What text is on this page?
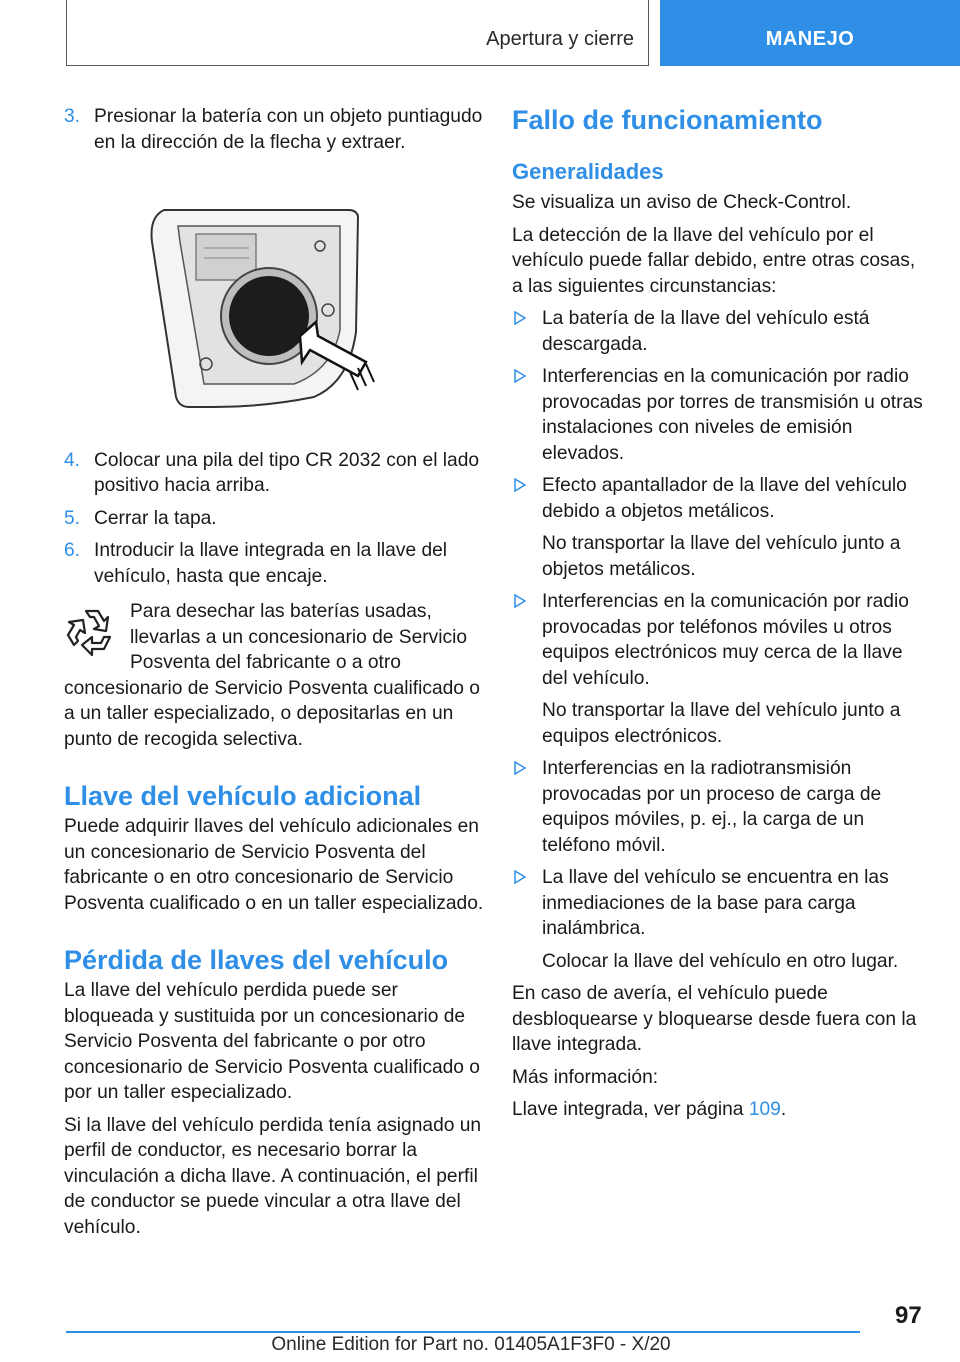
Apertura y cierre	MANEJO
3. Presionar la batería con un objeto puntiagudo en la dirección de la flecha y extraer.
4. Colocar una pila del tipo CR 2032 con el lado positivo hacia arriba.
5. Cerrar la tapa.
6. Introducir la llave integrada en la llave del vehículo, hasta que encaje.

Para desechar las baterías usadas, llevarlas a un concesionario de Servicio Posventa del fabricante o a otro concesionario de Servicio Posventa cualificado o a un taller especializado, o depositarlas en un punto de recogida selectiva.

Llave del vehículo adicional

Puede adquirir llaves del vehículo adicionales en un concesionario de Servicio Posventa del fabricante o en otro concesionario de Servicio Posventa cualificado o en un taller especializado.

Pérdida de llaves del vehículo

La llave del vehículo perdida puede ser bloqueada y sustituida por un concesionario de Servicio Posventa del fabricante o por otro concesionario de Servicio Posventa cualificado o por un taller especializado.

Si la llave del vehículo perdida tenía asignado un perfil de conductor, es necesario borrar la vinculación a dicha llave. A continuación, el perfil de conductor se puede vincular a otra llave del vehículo.

Fallo de funcionamiento
Generalidades

Se visualiza un aviso de Check-Control.

La detección de la llave del vehículo por el vehículo puede fallar debido, entre otras cosas, a las siguientes circunstancias:

La batería de la llave del vehículo está descargada.
Interferencias en la comunicación por radio provocadas por torres de transmisión u otras instalaciones con niveles de emisión elevados.
Efecto apantallador de la llave del vehículo debido a objetos metálicos.
No transportar la llave del vehículo junto a objetos metálicos.
Interferencias en la comunicación por radio provocadas por teléfonos móviles u otros equipos electrónicos muy cerca de la llave del vehículo.
No transportar la llave del vehículo junto a equipos electrónicos.
Interferencias en la radiotransmisión provocadas por un proceso de carga de equipos móviles, p. ej., la carga de un teléfono móvil.
La llave del vehículo se encuentra en las inmediaciones de la base para carga inalámbrica.
Colocar la llave del vehículo en otro lugar.

En caso de avería, el vehículo puede desbloquearse y bloquearse desde fuera con la llave integrada.

Más información:

Llave integrada, ver página 109.

97
Online Edition for Part no. 01405A1F3F0 - X/20
